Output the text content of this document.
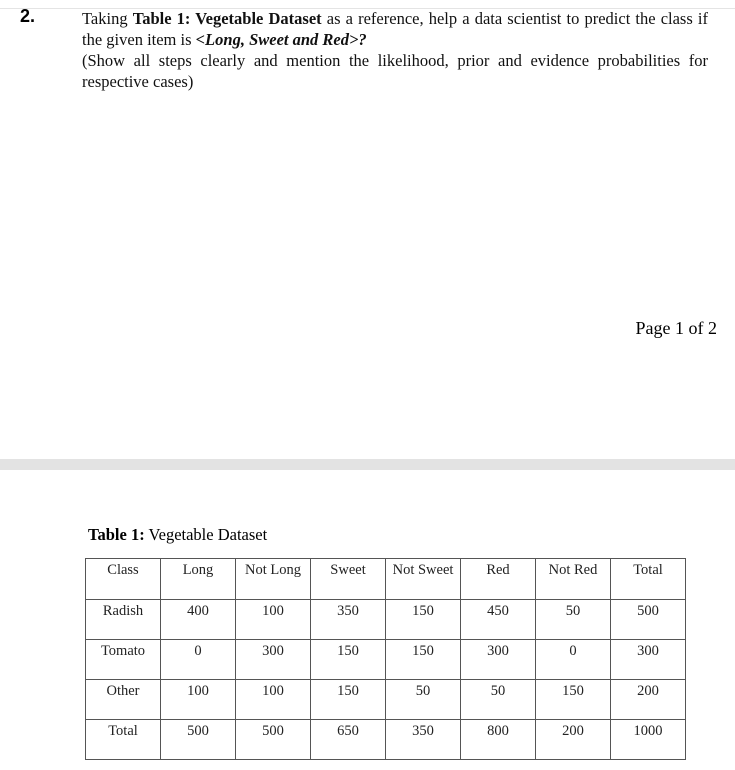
2.	Taking Table 1: Vegetable Dataset as a reference, help a data scientist to predict the class if the given item is <Long, Sweet and Red>?

(Show all steps clearly and mention the likelihood, prior and evidence probabilities for respective cases)

Page 1 of 2
Table 1: Vegetable Dataset
Class	Long	Not Long	Sweet	Not Sweet	Red	Not Red	Total
Radish	400	100	350	150	450	50	500
Tomato	0	300	150	150	300	0	300
Other	100	100	150	50	50	150	200
Total	500	500	650	350	800	200	1000
